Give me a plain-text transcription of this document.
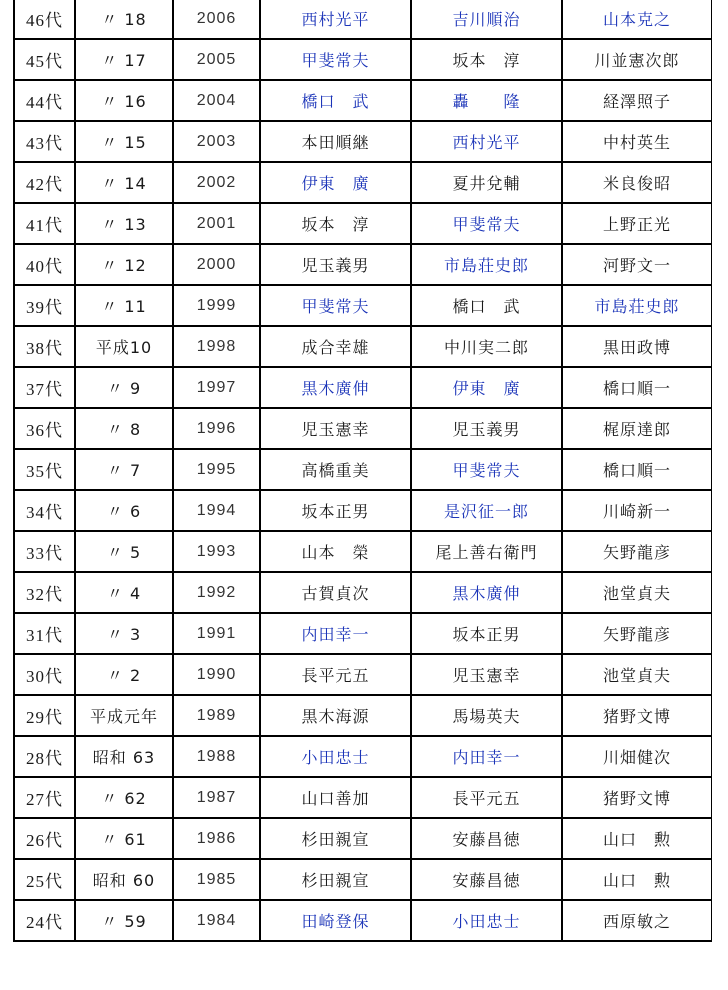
46代	〃 18	2006	西村光平	吉川順治	山本克之
45代	〃 17	2005	甲斐常夫	坂本　淳	川並憲次郎
44代	〃 16	2004	橋口　武	轟　　隆	経澤照子
43代	〃 15	2003	本田順継	西村光平	中村英生
42代	〃 14	2002	伊東　廣	夏井兌輔	米良俊昭
41代	〃 13	2001	坂本　淳	甲斐常夫	上野正光
40代	〃 12	2000	児玉義男	市島荘史郎	河野文一
39代	〃 11	1999	甲斐常夫	橋口　武	市島荘史郎
38代	平成10	1998	成合幸雄	中川実二郎	黒田政博
37代	〃 9	1997	黒木廣伸	伊東　廣	橋口順一
36代	〃 8	1996	児玉憲幸	児玉義男	梶原達郎
35代	〃 7	1995	高橋重美	甲斐常夫	橋口順一
34代	〃 6	1994	坂本正男	是沢征一郎	川崎新一
33代	〃 5	1993	山本　榮	尾上善右衛門	矢野龍彦
32代	〃 4	1992	古賀貞次	黒木廣伸	池堂貞夫
31代	〃 3	1991	内田幸一	坂本正男	矢野龍彦
30代	〃 2	1990	長平元五	児玉憲幸	池堂貞夫
29代	平成元年	1989	黒木海源	馬場英夫	猪野文博
28代	昭和 63	1988	小田忠士	内田幸一	川畑健次
27代	〃 62	1987	山口善加	長平元五	猪野文博
26代	〃 61	1986	杉田親宣	安藤昌徳	山口　勲
25代	昭和 60	1985	杉田親宣	安藤昌徳	山口　勲
24代	〃 59	1984	田崎登保	小田忠士	西原敏之
